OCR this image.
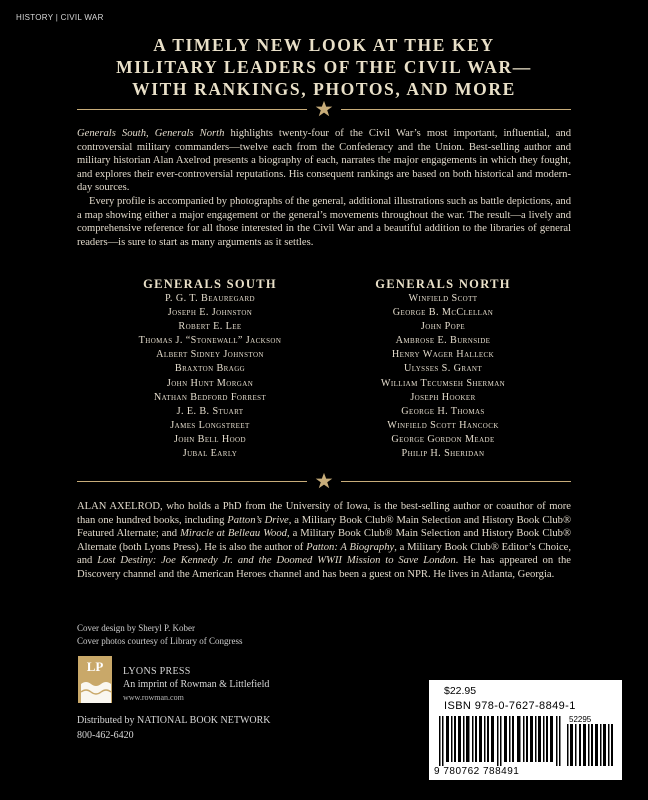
HISTORY | CIVIL WAR
A TIMELY NEW LOOK AT THE KEY
MILITARY LEADERS OF THE CIVIL WAR—
WITH RANKINGS, PHOTOS, AND MORE

Generals South, Generals North highlights twenty-four of the Civil War’s most important, influential, and controversial military commanders—twelve each from the Confederacy and the Union. Best-selling author and military historian Alan Axelrod presents a biography of each, narrates the major engagements in which they fought, and explores their ever-controversial reputations. His consequent rankings are based on both historical and modern-day sources.

Every profile is accompanied by photographs of the general, additional illustrations such as battle depictions, and a map showing either a major engagement or the general’s movements throughout the war. The result—a lively and comprehensive reference for all those interested in the Civil War and a beautiful addition to the libraries of general readers—is sure to start as many arguments as it settles.

GENERALS SOUTH
P. G. T. Beauregard
Joseph E. Johnston
Robert E. Lee
Thomas J. “Stonewall” Jackson
Albert Sidney Johnston
Braxton Bragg
John Hunt Morgan
Nathan Bedford Forrest
J. E. B. Stuart
James Longstreet
John Bell Hood
Jubal Early
GENERALS NORTH
Winfield Scott
George B. McClellan
John Pope
Ambrose E. Burnside
Henry Wager Halleck
Ulysses S. Grant
William Tecumseh Sherman
Joseph Hooker
George H. Thomas
Winfield Scott Hancock
George Gordon Meade
Philip H. Sheridan

ALAN AXELROD, who holds a PhD from the University of Iowa, is the best-selling author or coauthor of more than one hundred books, including Patton’s Drive, a Military Book Club® Main Selection and History Book Club® Featured Alternate; and Miracle at Belleau Wood, a Military Book Club® Main Selection and History Book Club® Alternate (both Lyons Press). He is also the author of Patton: A Biography, a Military Book Club® Editor’s Choice, and Lost Destiny: Joe Kennedy Jr. and the Doomed WWII Mission to Save London. He has appeared on the Discovery channel and the American Heroes channel and has been a guest on NPR. He lives in Atlanta, Georgia.

Cover design by Sheryl P. Kober
Cover photos courtesy of Library of Congress
LP LYONS PRESS
An imprint of Rowman & Littlefield
www.rowman.com
Distributed by NATIONAL BOOK NETWORK
800-462-6420
$22.95
ISBN 978-0-7627-8849-1
52295
9 780762 788491
